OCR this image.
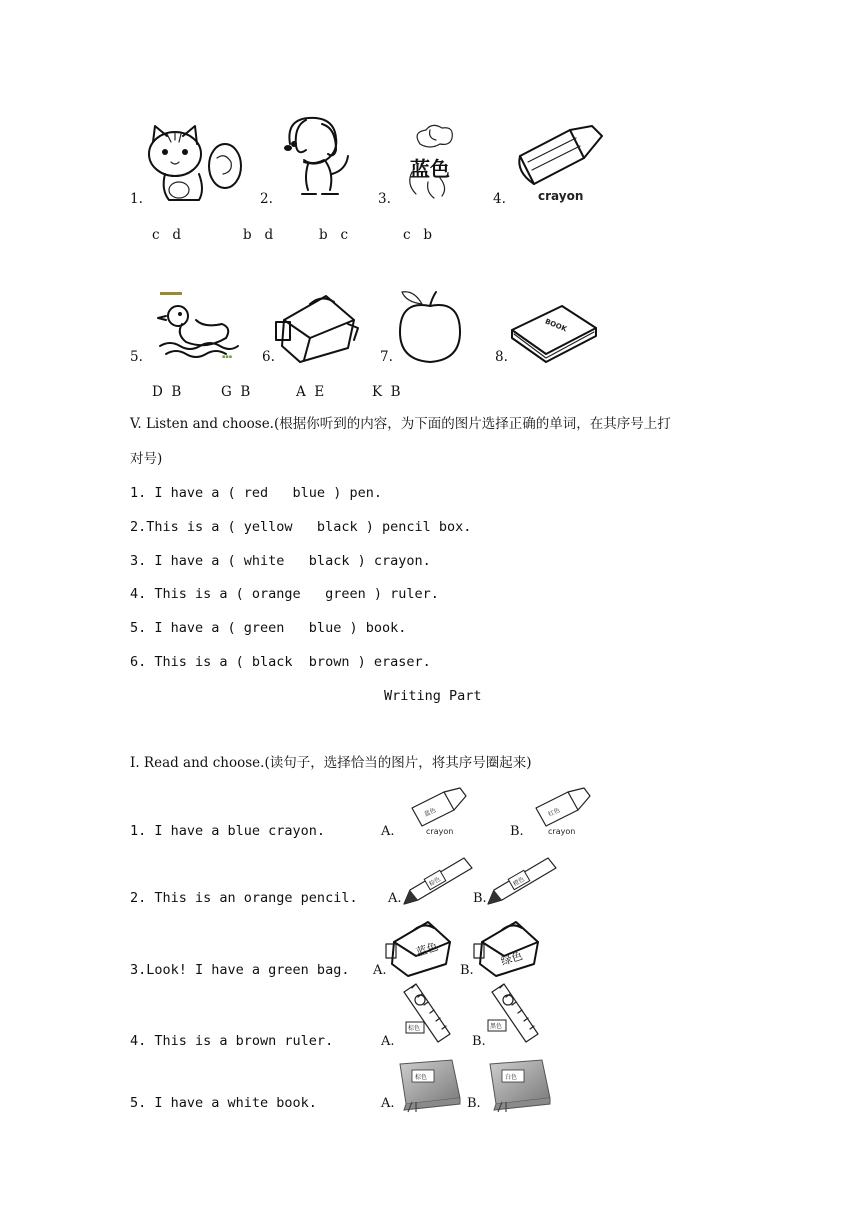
1.	2.	3.
蓝色
4.	crayon
c   d	b   d	b   c	c   b
5.	▪▪▪ 6.	7.	8.
BOOK
D  B	G  B	A  E	K  B
V. Listen and choose.(根据你听到的内容，为下面的图片选择正确的单词，在其序号上打
对号)
1. I have a ( red   blue ) pen.
2.This is a ( yellow   black ) pencil box.
3. I have a ( white   black ) crayon.
4. This is a ( orange   green ) ruler.
5. I have a ( green   blue ) book.
6. This is a ( black  brown ) eraser.
Writing Part
I. Read and choose.(读句子，选择恰当的图片，将其序号圈起来)
1. I have a blue crayon.	A.
蓝色
crayon	B.
红色
crayon
2. This is an orange pencil. A.
棕色
B.
橙色
3.Look! I have a green bag. A.
蓝色
B.
绿色
4. This is a brown ruler.	A.
棕色
B.
黑色
5. I have a white book.	A.
棕色
B.
白色
